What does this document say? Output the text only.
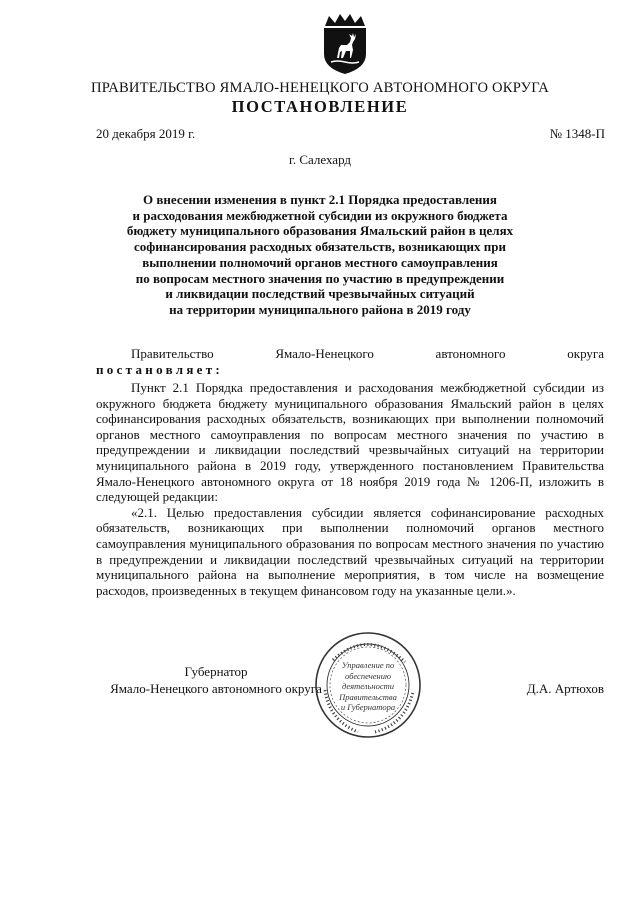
ПРАВИТЕЛЬСТВО ЯМАЛО-НЕНЕЦКОГО АВТОНОМНОГО ОКРУГА
ПОСТАНОВЛЕНИЕ
20 декабря 2019 г.	№ 1348-П
г. Салехард
О внесении изменения в пункт 2.1 Порядка предоставления
и расходования межбюджетной субсидии из окружного бюджета
бюджету муниципального образования Ямальский район в целях
софинансирования расходных обязательств, возникающих при
выполнении полномочий органов местного самоуправления
по вопросам местного значения по участию в предупреждении
и ликвидации последствий чрезвычайных ситуаций
на территории муниципального района в 2019 году
Правительство	Ямало-Ненецкого	автономного	округа
постановляет:

Пункт 2.1 Порядка предоставления и расходования межбюджетной субсидии из окружного бюджета бюджету муниципального образования Ямальский район в целях софинансирования расходных обязательств, возникающих при выполнении полномочий органов местного самоуправления по вопросам местного значения по участию в предупреждении и ликвидации последствий чрезвычайных ситуаций на территории муниципального района в 2019 году, утвержденного постановлением Правительства Ямало-Ненецкого автономного округа от 18 ноября 2019 года № 1206-П, изложить в следующей редакции:

«2.1. Целью предоставления субсидии является софинансирование расходных обязательств, возникающих при выполнении полномочий органов местного самоуправления муниципального образования по вопросам местного значения по участию в предупреждении и ликвидации последствий чрезвычайных ситуаций на территории муниципального района на выполнение мероприятия, в том числе на возмещение расходов, произведенных в текущем финансовом году на указанные цели.».

Губернатор
Ямало-Ненецкого автономного округа
Управление по
обеспечению
деятельности
Правительства
и Губернатора
Д.А. Артюхов
